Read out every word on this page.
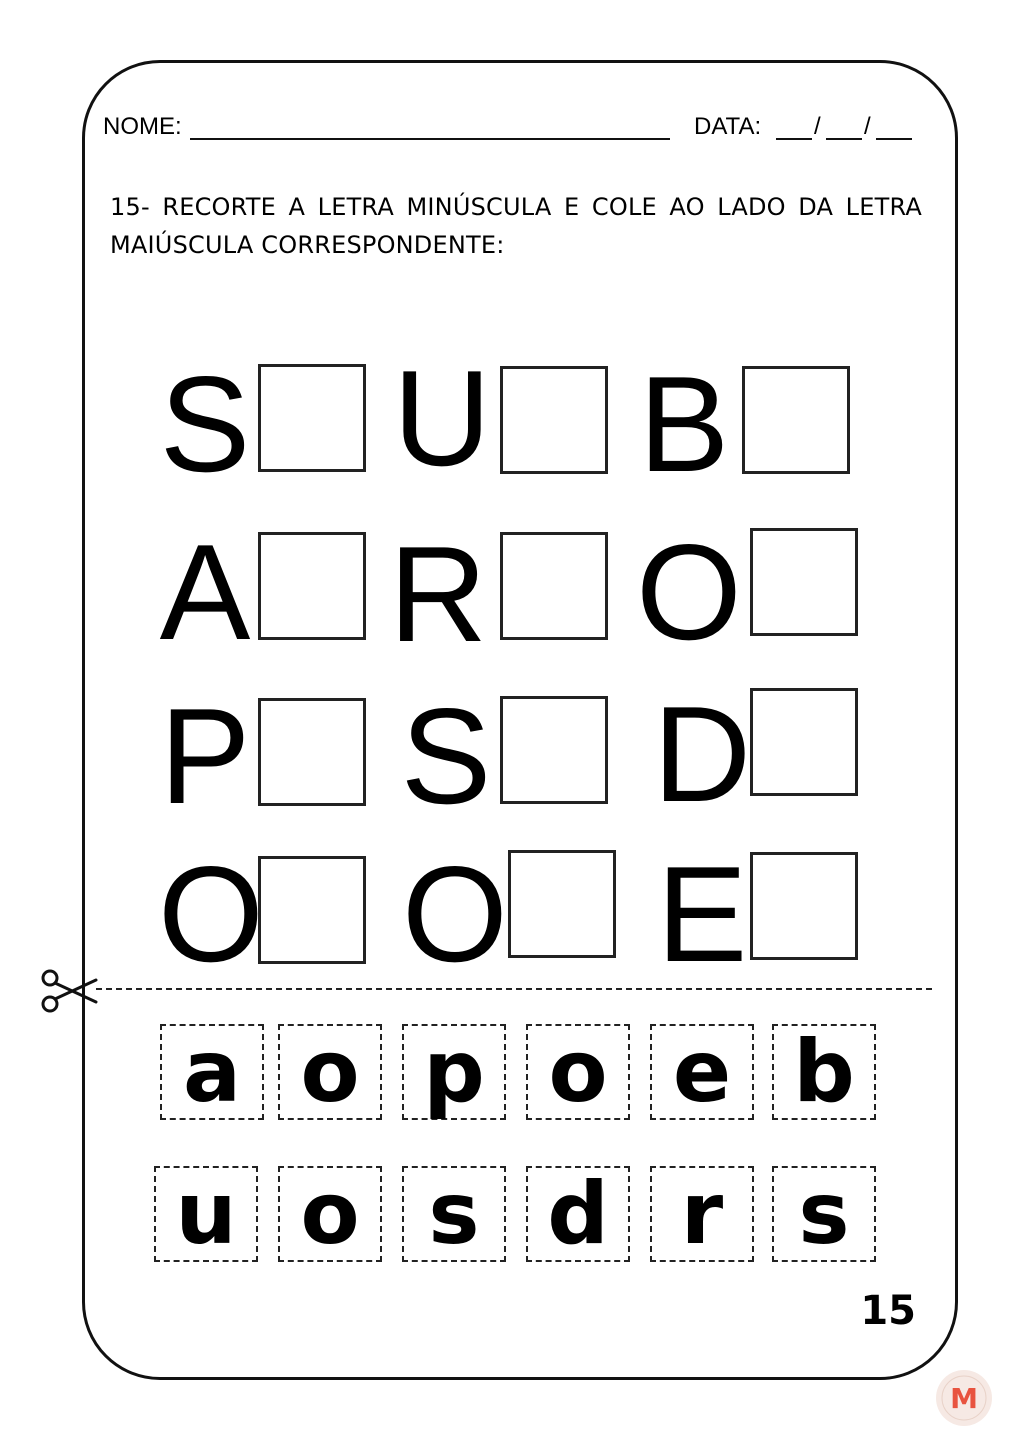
NOME:	DATA: / /
15- RECORTE A LETRA MINÚSCULA E COLE AO LADO DA LETRA MAIÚSCULA CORRESPONDENTE:
S U B
A R O
P S D
O O E
a o p o e b
u o s d r s
15
M
